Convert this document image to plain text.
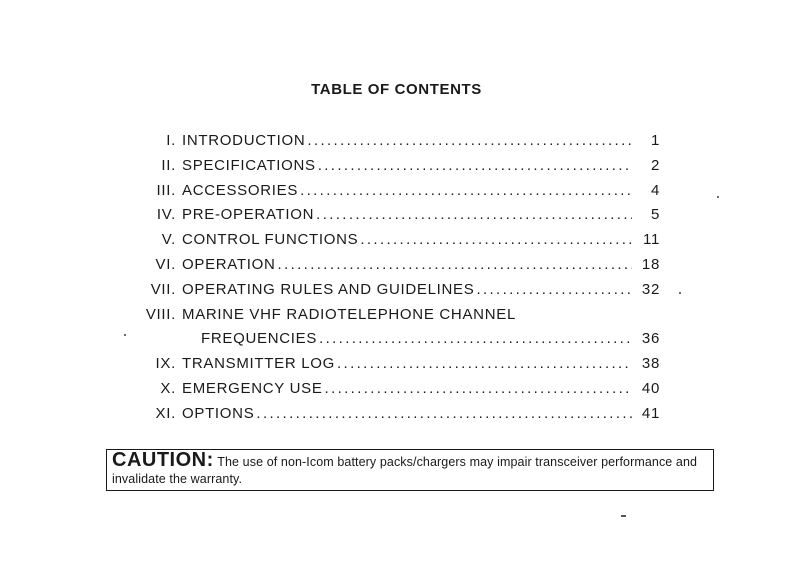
TABLE OF CONTENTS
I. INTRODUCTION . . .	1
II. SPECIFICATIONS . . .	2
III. ACCESSORIES . . .	4
IV. PRE-OPERATION . . .	5
V. CONTROL FUNCTIONS . . .	11
VI. OPERATION . . .	18
VII. OPERATING RULES AND GUIDELINES . . .	32
VIII. MARINE VHF RADIOTELEPHONE CHANNEL
FREQUENCIES . . .	36
IX. TRANSMITTER LOG . . .	38
X. EMERGENCY USE . . .	40
XI. OPTIONS . . .	41
CAUTION: The use of non-Icom battery packs/chargers may impair transceiver performance and invalidate the warranty.
